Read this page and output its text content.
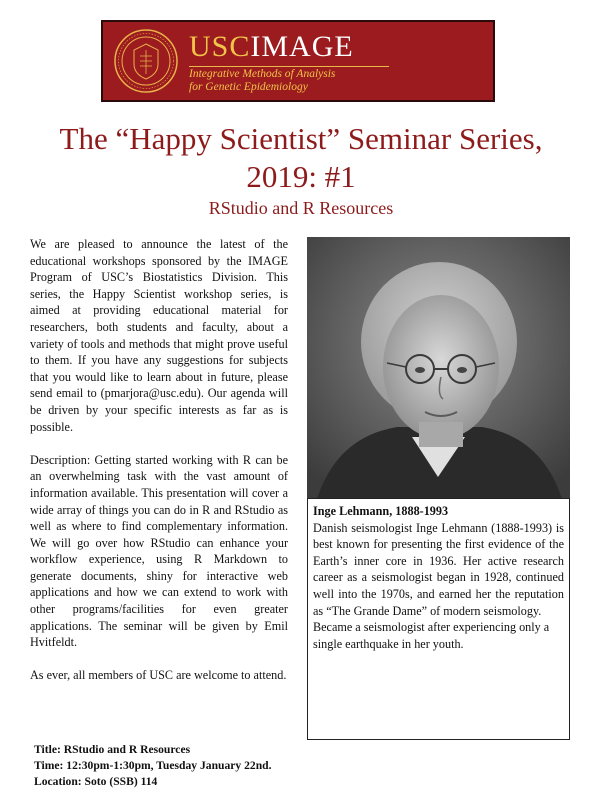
USCIMAGE
Integrative Methods of Analysis
for Genetic Epidemiology
The “Happy Scientist” Seminar Series,
2019: #1
RStudio and R Resources

We are pleased to announce the latest of the educational workshops sponsored by the IMAGE Program of USC’s Biostatistics Division. This series, the Happy Scientist workshop series, is aimed at providing educational material for researchers, both students and faculty, about a variety of tools and methods that might prove useful to them. If you have any suggestions for subjects that you would like to learn about in future, please send email to (pmarjora@usc.edu). Our agenda will be driven by your specific interests as far as is possible.

Description: Getting started working with R can be an overwhelming task with the vast amount of information available. This presentation will cover a wide array of things you can do in R and RStudio as well as where to find complementary information. We will go over how RStudio can enhance your workflow experience, using R Markdown to generate documents, shiny for interactive web applications and how we can extend to work with other programs/facilities for even greater applications. The seminar will be given by Emil Hvitfeldt.

As ever, all members of USC are welcome to attend.

Inge Lehmann, 1888-1993
Danish seismologist Inge Lehmann (1888-1993) is best known for presenting the first evidence of the Earth’s inner core in 1936. Her active research career as a seismologist began in 1928, continued well into the 1970s, and earned her the reputation as “The Grande Dame” of modern seismology.
Became a seismologist after experiencing only a single earthquake in her youth.
Title: RStudio and R Resources
Time: 12:30pm-1:30pm, Tuesday January 22nd.
Location: Soto (SSB) 114
